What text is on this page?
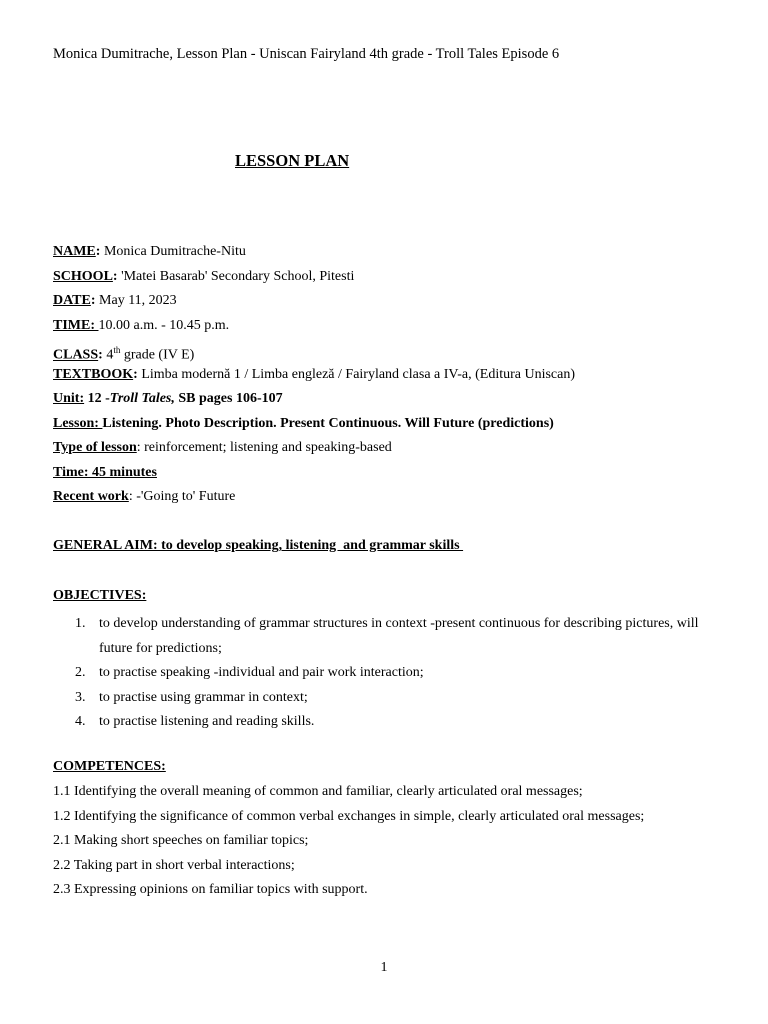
Monica Dumitrache, Lesson Plan - Uniscan Fairyland 4th grade - Troll Tales Episode 6
LESSON PLAN
NAME: Monica Dumitrache-Nitu
SCHOOL: 'Matei Basarab' Secondary School, Pitesti
DATE: May 11, 2023
TIME: 10.00 a.m. - 10.45 p.m.
CLASS: 4th grade (IV E)
TEXTBOOK: Limba modernă 1 / Limba engleză / Fairyland clasa a IV-a, (Editura Uniscan)
Unit: 12 -Troll Tales, SB pages 106-107
Lesson: Listening. Photo Description. Present Continuous. Will Future (predictions)
Type of lesson: reinforcement; listening and speaking-based
Time: 45 minutes
Recent work: -'Going to' Future
GENERAL AIM: to develop speaking, listening  and grammar skills
OBJECTIVES:
1. to develop understanding of grammar structures in context -present continuous for describing pictures, will future for predictions;
2. to practise speaking -individual and pair work interaction;
3. to practise using grammar in context;
4. to practise listening and reading skills.
COMPETENCES:
1.1 Identifying the overall meaning of common and familiar, clearly articulated oral messages;
1.2 Identifying the significance of common verbal exchanges in simple, clearly articulated oral messages;
2.1 Making short speeches on familiar topics;
2.2 Taking part in short verbal interactions;
2.3 Expressing opinions on familiar topics with support.
1
